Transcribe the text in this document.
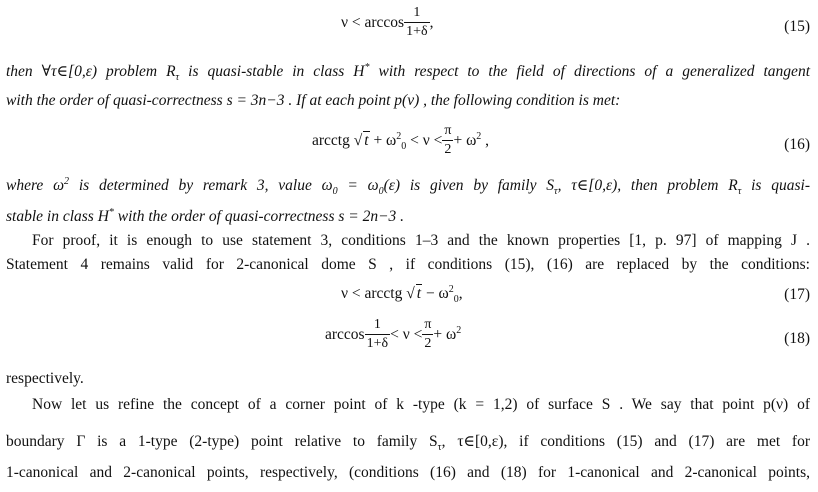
$\nu < \arccos \frac{1}{1+\delta}$ ,	(15)
then ∀τ∈[0,ε) problem $R_\tau$ is quasi-stable in class H* with respect to the field of directions of a generalized tangent
with the order of quasi-correctness s = 3n−3 . If at each point p(ν) , the following condition is met:
arcctg √ $t + \omega^2_0 < \nu < \frac{\pi}{2} + \omega^2$ ,	(16)
where $\omega^2$ is determined by remark 3, value $\omega_0 = \omega_0(\varepsilon)$ is given by family $S_\tau$, τ∈[0,ε), then problem $R_\tau$ is quasi-
stable in class H* with the order of quasi-correctness s = 2n−3 .
For proof, it is enough to use statement 3, conditions 1–3 and the known properties [1, p. 97] of mapping J .
Statement 4 remains valid for 2-canonical dome S , if conditions (15), (16) are replaced by the conditions:
ν < arcctg √ $t - \omega^2_0$,	(17)
$\arccos \frac{1}{1+\delta} < \nu < \frac{\pi}{2} + \omega^2$
(18)
respectively.
Now let us refine the concept of a corner point of k -type (k = 1,2) of surface S . We say that point p(ν) of
boundary Γ is a 1-type (2-type) point relative to family $S_\tau$, τ∈[0,ε), if conditions (15) and (17) are met for
1-canonical and 2-canonical points, respectively, (conditions (16) and (18) for 1-canonical and 2-canonical points,
